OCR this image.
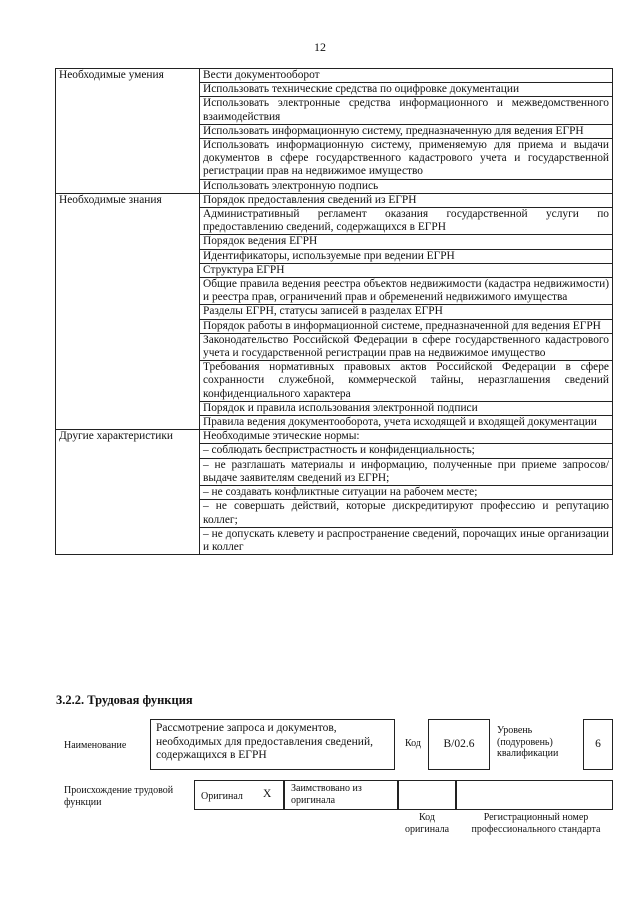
12
Необходимые умения	Вести документооборот
	Использовать технические средства по оцифровке документации
	Использовать электронные средства информационного и межведомственного взаимодействия
	Использовать информационную систему, предназначенную для ведения ЕГРН
	Использовать информационную систему, применяемую для приема и выдачи документов в сфере государственного кадастрового учета и государственной регистрации прав на недвижимое имущество
	Использовать электронную подпись
Необходимые знания	Порядок предоставления сведений из ЕГРН
	Административный регламент оказания государственной услуги по предоставлению сведений, содержащихся в ЕГРН
	Порядок ведения ЕГРН
	Идентификаторы, используемые при ведении ЕГРН
	Структура ЕГРН
	Общие правила ведения реестра объектов недвижимости (кадастра недвижимости) и реестра прав, ограничений прав и обременений недвижимого имущества
	Разделы ЕГРН, статусы записей в разделах ЕГРН
	Порядок работы в информационной системе, предназначенной для ведения ЕГРН
	Законодательство Российской Федерации в сфере государственного кадастрового учета и государственной регистрации прав на недвижимое имущество
	Требования нормативных правовых актов Российской Федерации в сфере сохранности служебной, коммерческой тайны, неразглашения сведений конфиденциального характера
	Порядок и правила использования электронной подписи
	Правила ведения документооборота, учета исходящей и входящей документации
Другие характеристики	Необходимые этические нормы:
	– соблюдать беспристрастность и конфиденциальность;
	– не разглашать материалы и информацию, полученные при приеме запросов/ выдаче заявителям сведений из ЕГРН;
	– не создавать конфликтные ситуации на рабочем месте;
	– не совершать действий, которые дискредитируют профессию и репутацию коллег;
	– не допускать клевету и распространение сведений, порочащих иные организации и коллег
3.2.2. Трудовая функция
Наименование
Рассмотрение запроса и документов, необходимых для предоставления сведений, содержащихся в ЕГРН
Код	B/02.6
Уровень (подуровень) квалификации
6
Происхождение трудовой функции	Оригинал X	Заимствовано из оригинала
Код оригинала
Регистрационный номер профессионального стандарта
